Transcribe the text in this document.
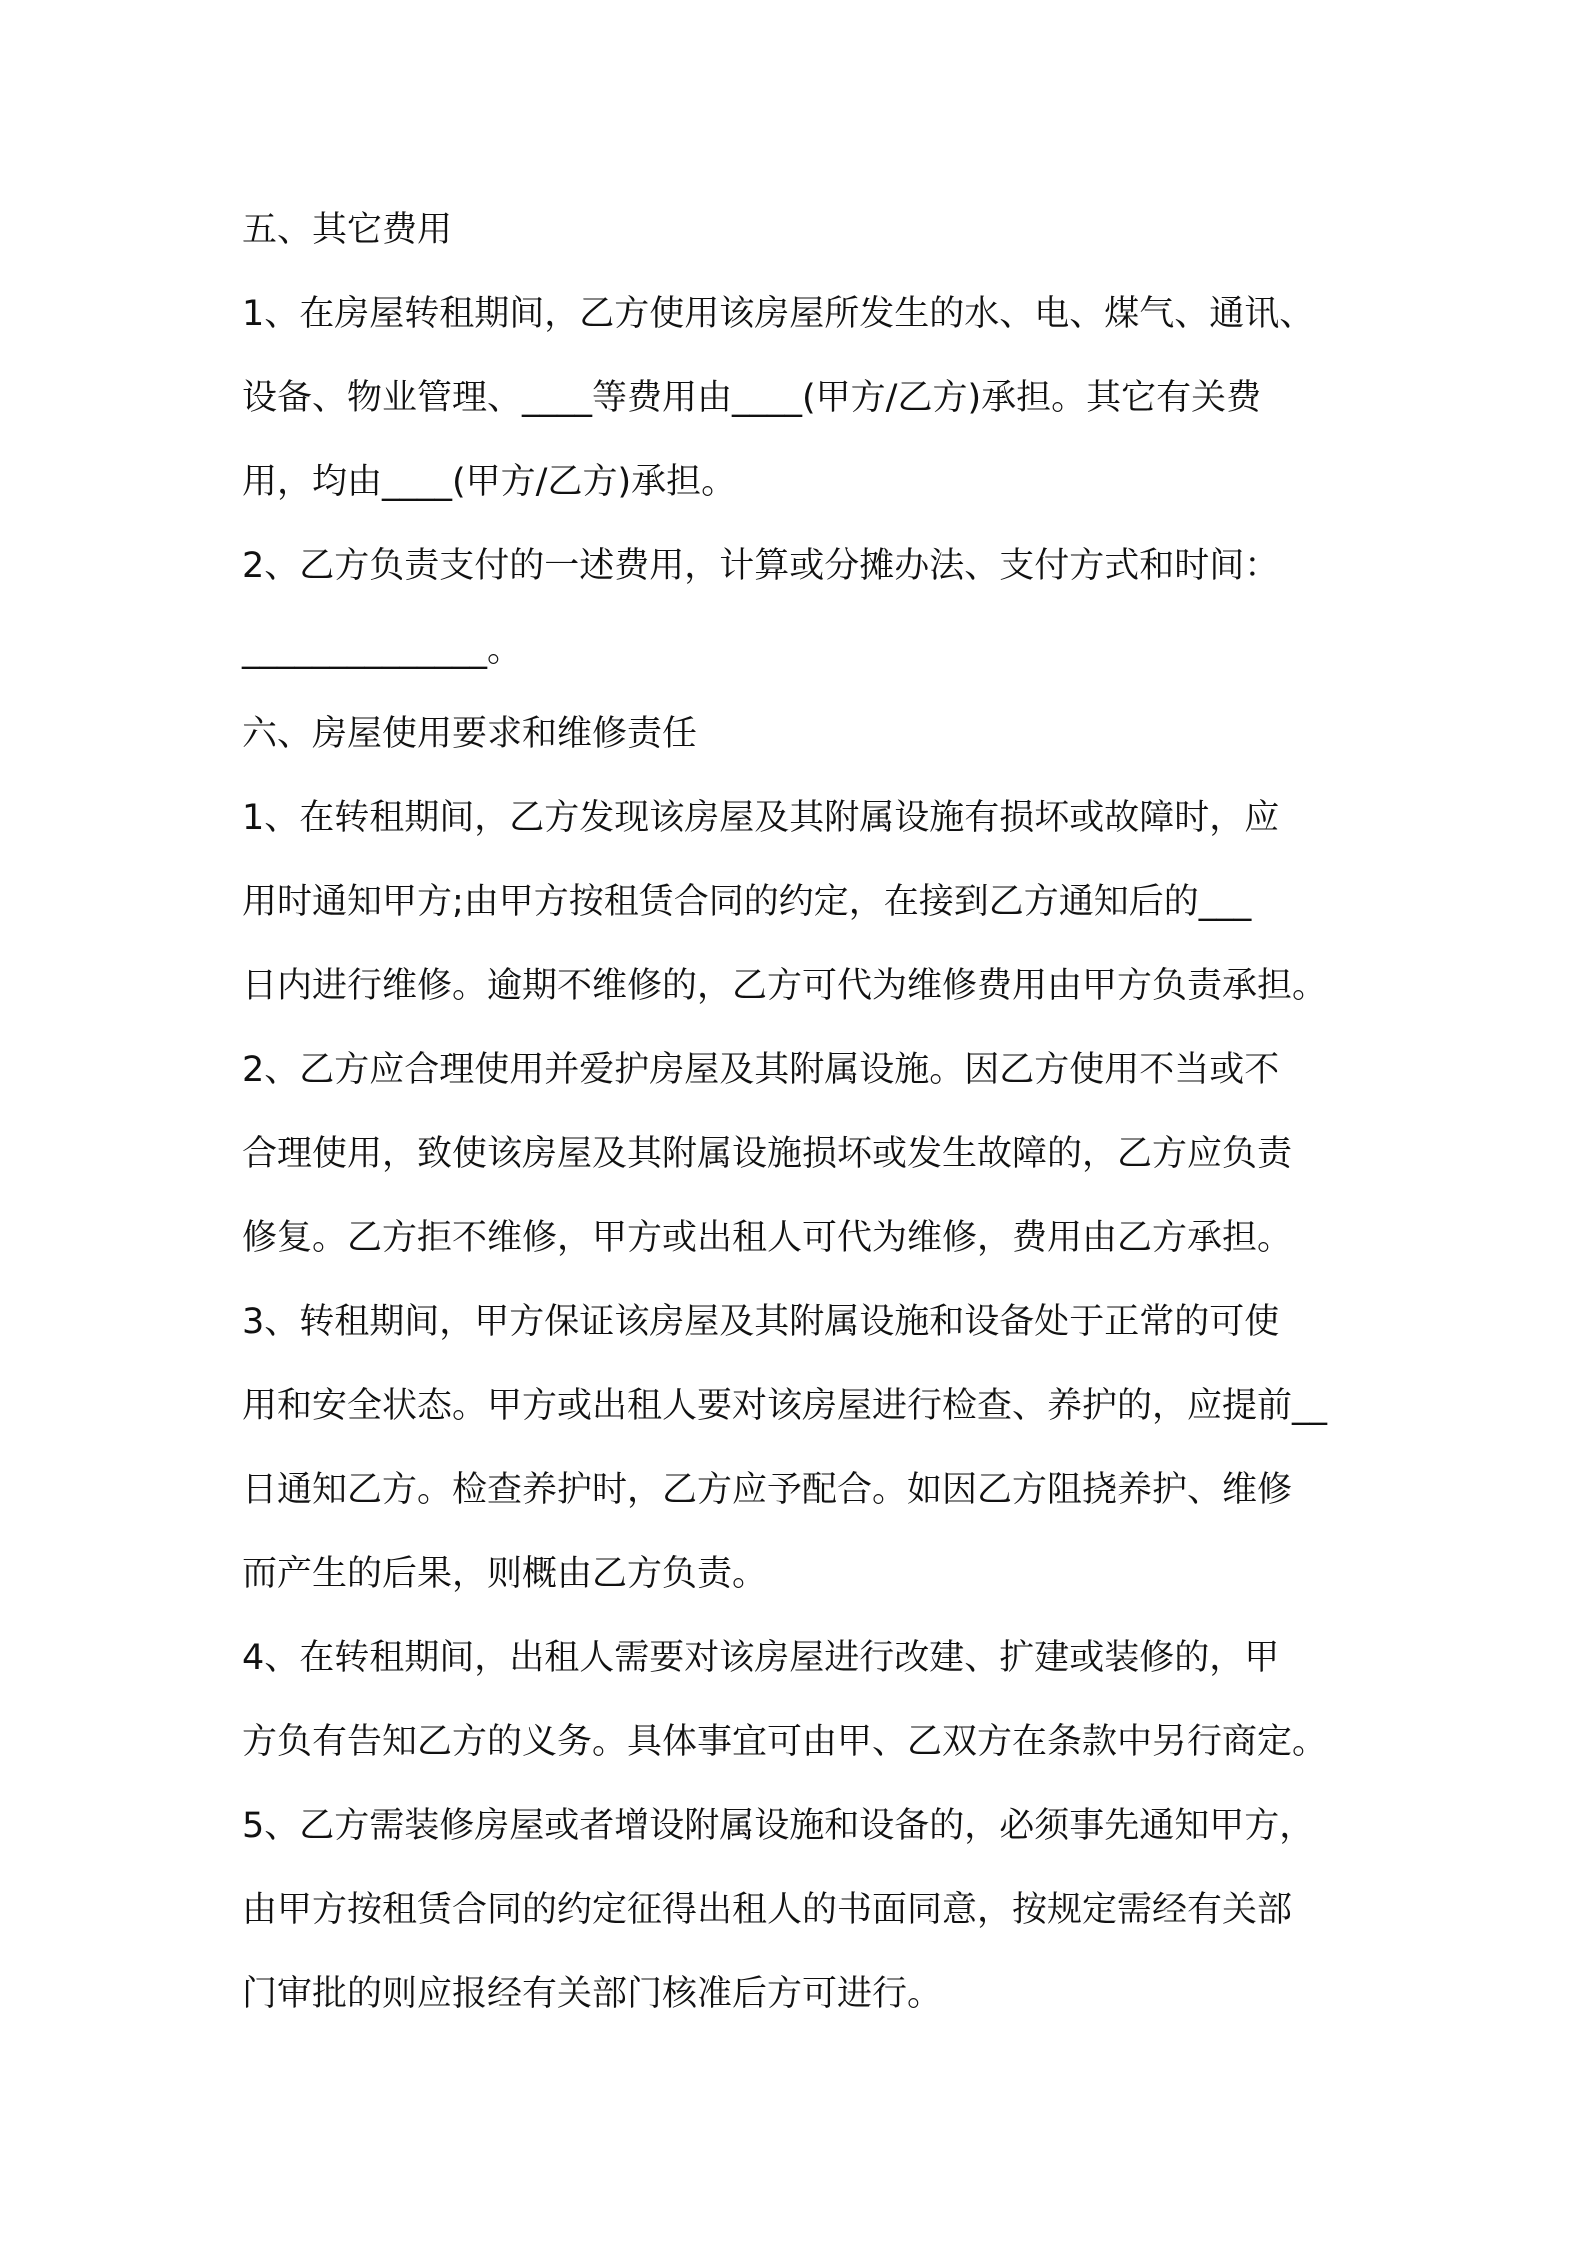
五、其它费用

1、在房屋转租期间，乙方使用该房屋所发生的水、电、煤气、通讯、

设备、物业管理、____等费用由____(甲方/乙方)承担。其它有关费

用，均由____(甲方/乙方)承担。

2、乙方负责支付的一述费用，计算或分摊办法、支付方式和时间：

______________。

六、房屋使用要求和维修责任

1、在转租期间，乙方发现该房屋及其附属设施有损坏或故障时，应

用时通知甲方;由甲方按租赁合同的约定，在接到乙方通知后的___

日内进行维修。逾期不维修的，乙方可代为维修费用由甲方负责承担。

2、乙方应合理使用并爱护房屋及其附属设施。因乙方使用不当或不

合理使用，致使该房屋及其附属设施损坏或发生故障的，乙方应负责

修复。乙方拒不维修，甲方或出租人可代为维修，费用由乙方承担。

3、转租期间，甲方保证该房屋及其附属设施和设备处于正常的可使

用和安全状态。甲方或出租人要对该房屋进行检查、养护的，应提前__

日通知乙方。检查养护时，乙方应予配合。如因乙方阻挠养护、维修

而产生的后果，则概由乙方负责。

4、在转租期间，出租人需要对该房屋进行改建、扩建或装修的，甲

方负有告知乙方的义务。具体事宜可由甲、乙双方在条款中另行商定。

5、乙方需装修房屋或者增设附属设施和设备的，必须事先通知甲方，

由甲方按租赁合同的约定征得出租人的书面同意，按规定需经有关部

门审批的则应报经有关部门核准后方可进行。
